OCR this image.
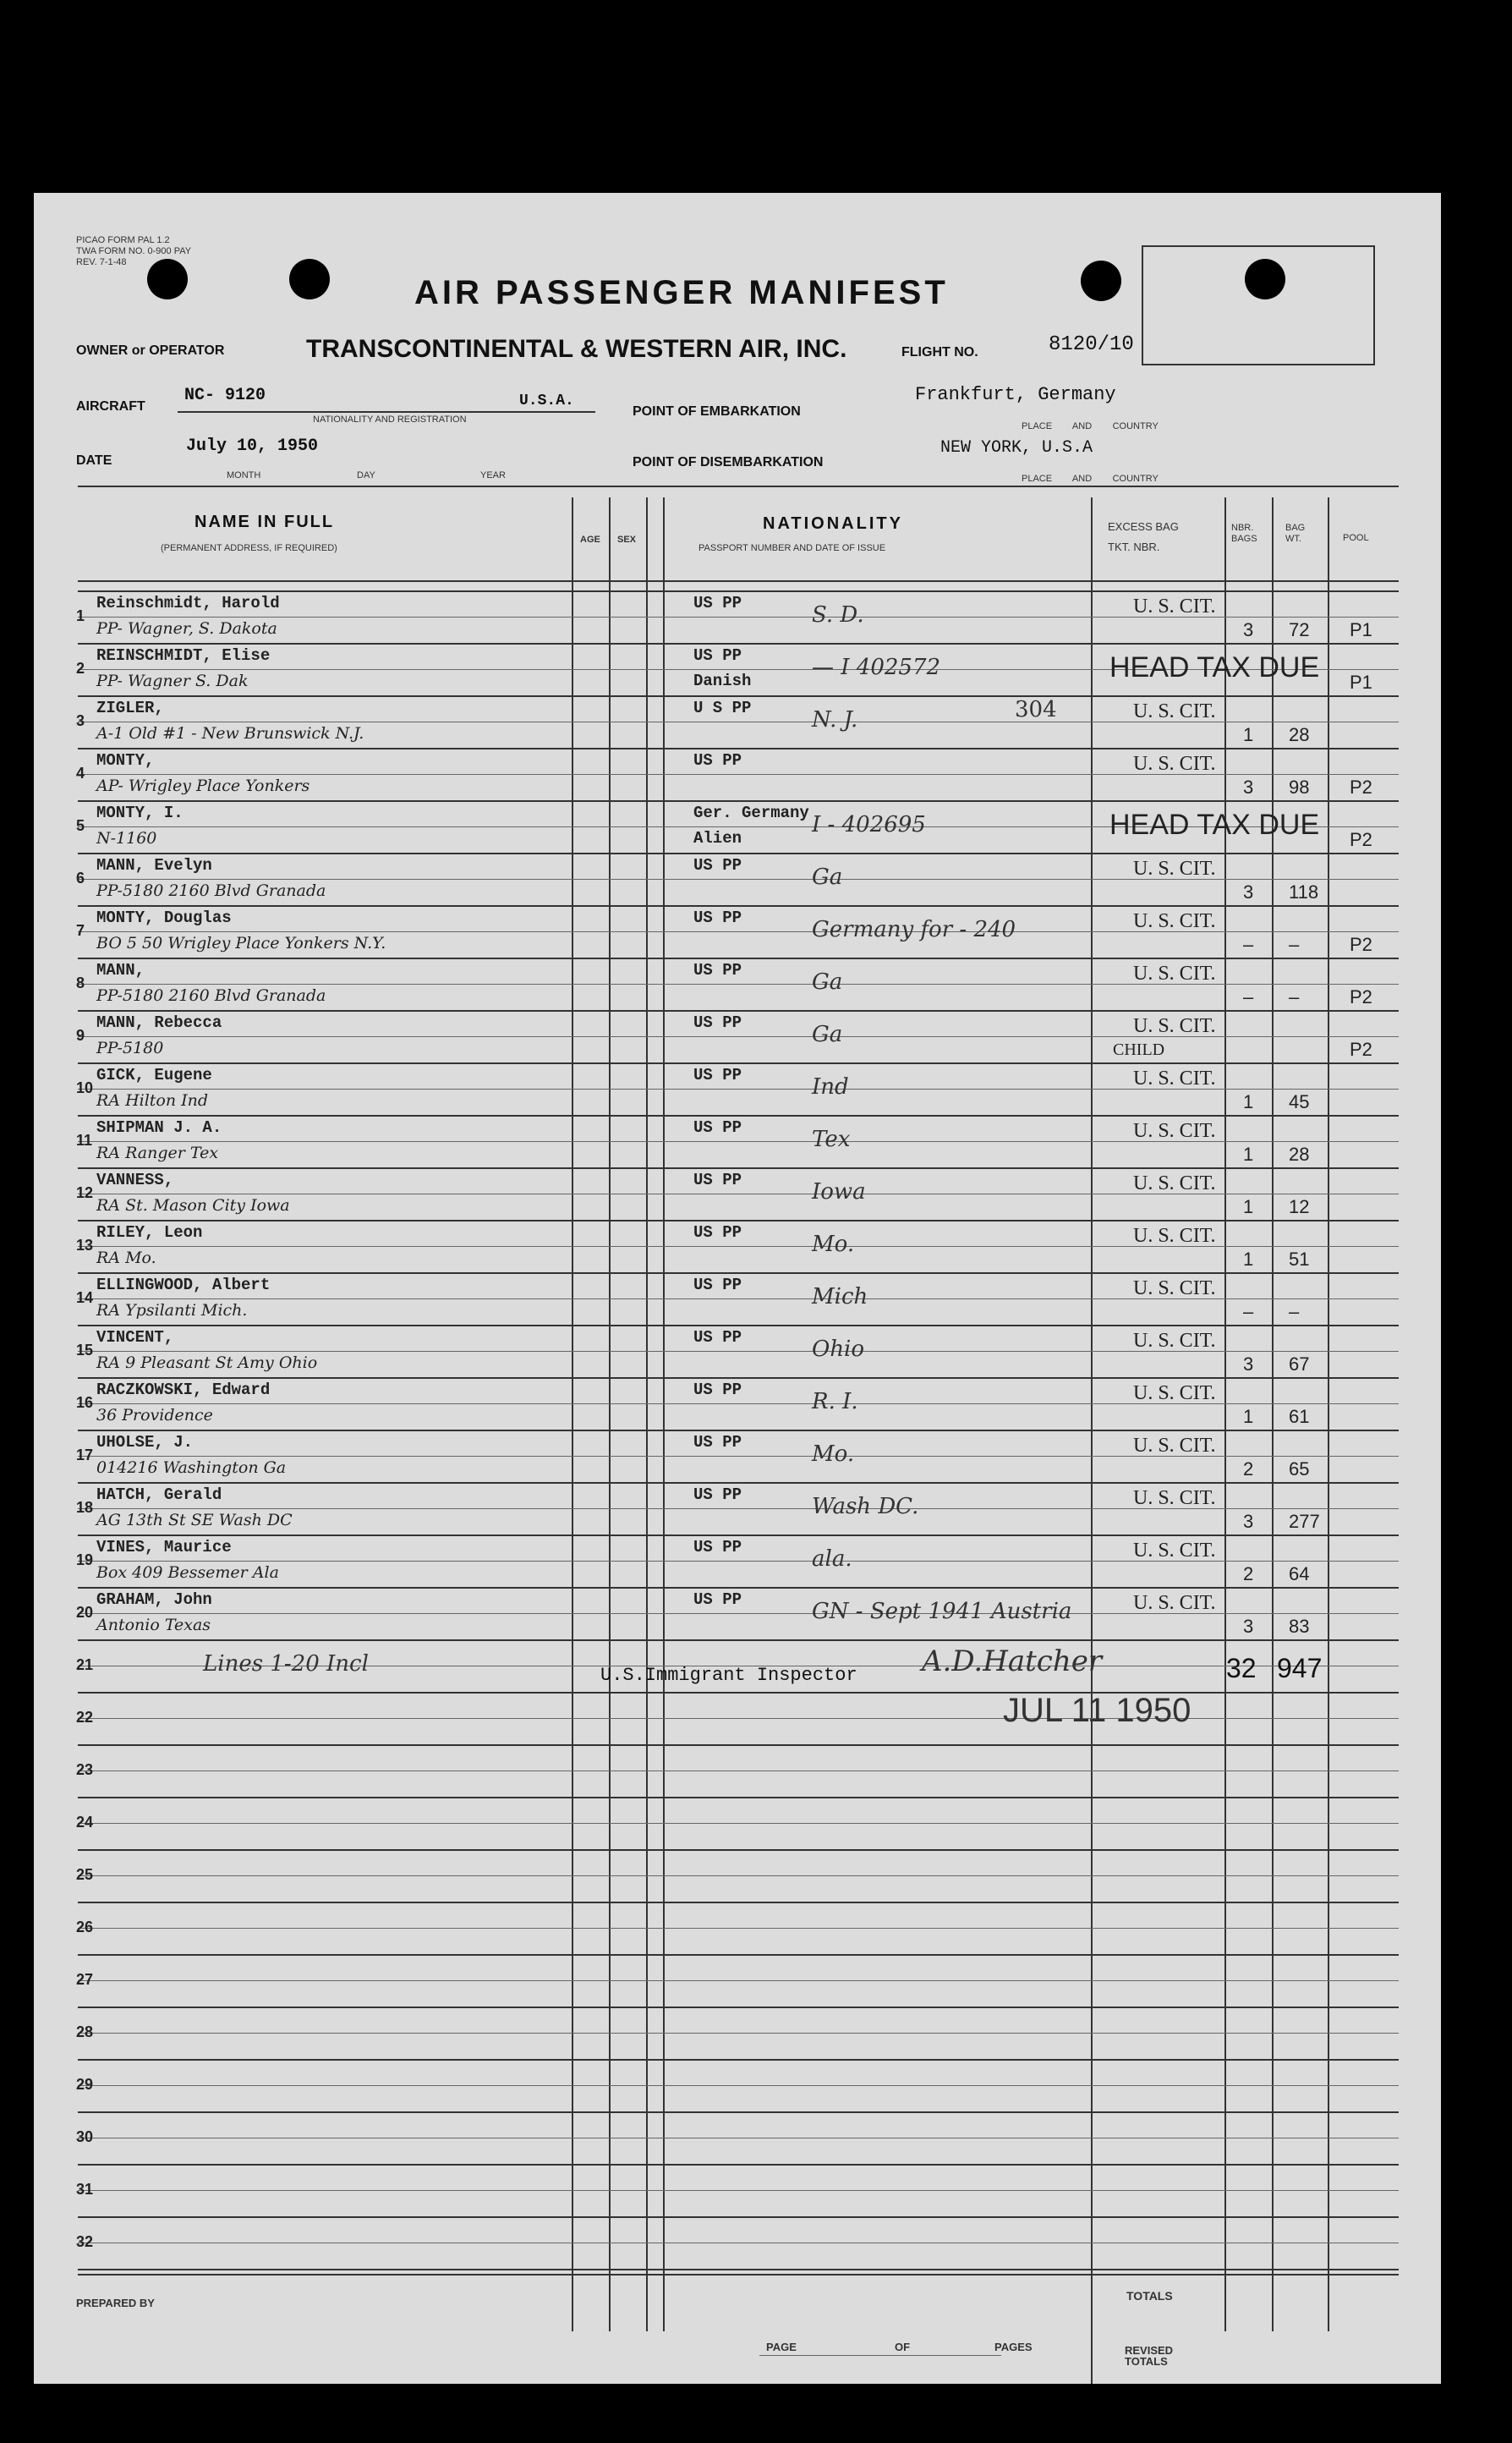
PICAO FORM PAL 1.2
TWA FORM NO. 0-900 PAY
REV. 7-1-48
AIR PASSENGER MANIFEST
OWNER or OPERATOR	TRANSCONTINENTAL & WESTERN AIR, INC.	FLIGHT NO.	8120/10
AIRCRAFT
NC- 9120	U.S.A.
NATIONALITY AND REGISTRATION
POINT OF EMBARKATION
Frankfurt, Germany
PLACE        AND        COUNTRY
DATE
July 10, 1950
MONTH	DAY	YEAR
POINT OF DISEMBARKATION
NEW YORK, U.S.A
PLACE        AND        COUNTRY
NAME IN FULL
(PERMANENT ADDRESS, IF REQUIRED)
AGE SEX
NATIONALITY
PASSPORT NUMBER AND DATE OF ISSUE
EXCESS BAG
TKT. NBR.
NBR. BAGS
BAG WT.	POOL
1
Reinschmidt, Harold
PP- Wagner, S. Dakota
US PP	S. D.	U. S. CIT.
3 72 P1
2
REINSCHMIDT, Elise
PP- Wagner S. Dak
US PP
Danish
— I 402572	HEAD TAX DUE P1
3
ZIGLER,
A-1 Old #1 - New Brunswick N.J.
U S PP	N. J.	304	U. S. CIT.
1 28
4
MONTY,
AP- Wrigley Place Yonkers
US PP	U. S. CIT.
3 98 P2
5
MONTY, I.
N-1160
Ger. Germany
Alien
I - 402695	HEAD TAX DUE P2
6
MANN, Evelyn
PP-5180 2160 Blvd Granada
US PP	Ga	U. S. CIT.
3 118
7
MONTY, Douglas
BO 5 50 Wrigley Place Yonkers N.Y.
US PP	Germany for - 240	U. S. CIT.
– –	P2
8
MANN,
PP-5180 2160 Blvd Granada
US PP	Ga	U. S. CIT.
– –	P2
9
MANN, Rebecca
PP-5180
US PP	Ga	U. S. CIT.
CHILD	P2
10
GICK, Eugene
RA Hilton Ind
US PP	Ind	U. S. CIT.
1 45
11
SHIPMAN J. A.
RA Ranger Tex
US PP	Tex	U. S. CIT.
1 28
12
VANNESS,
RA St. Mason City Iowa
US PP	Iowa	U. S. CIT.
1 12
13
RILEY, Leon
RA Mo.
US PP	Mo.	U. S. CIT.
1 51
14
ELLINGWOOD, Albert
RA Ypsilanti Mich.
US PP	Mich	U. S. CIT.
– –
15
VINCENT,
RA 9 Pleasant St Amy Ohio
US PP	Ohio	U. S. CIT.
3 67
16
RACZKOWSKI, Edward
36 Providence
US PP	R. I.	U. S. CIT.
1 61
17
UHOLSE, J.
014216 Washington Ga
US PP	Mo.	U. S. CIT.
2 65
18
HATCH, Gerald
AG 13th St SE Wash DC
US PP	Wash DC.	U. S. CIT.
3 277
19
VINES, Maurice
Box 409 Bessemer Ala
US PP	ala.	U. S. CIT.
2 64
20
GRAHAM, John
Antonio Texas
US PP	GN - Sept 1941 Austria	U. S. CIT.
3 83
21
22
23
24
25
26
27
28
29
30
31
32
Lines 1-20 Incl	U.S.Immigrant Inspector A.D.Hatcher	32 947
JUL 11 1950
PREPARED BY
TOTALS
PAGE	OF	PAGES	REVISED TOTALS
